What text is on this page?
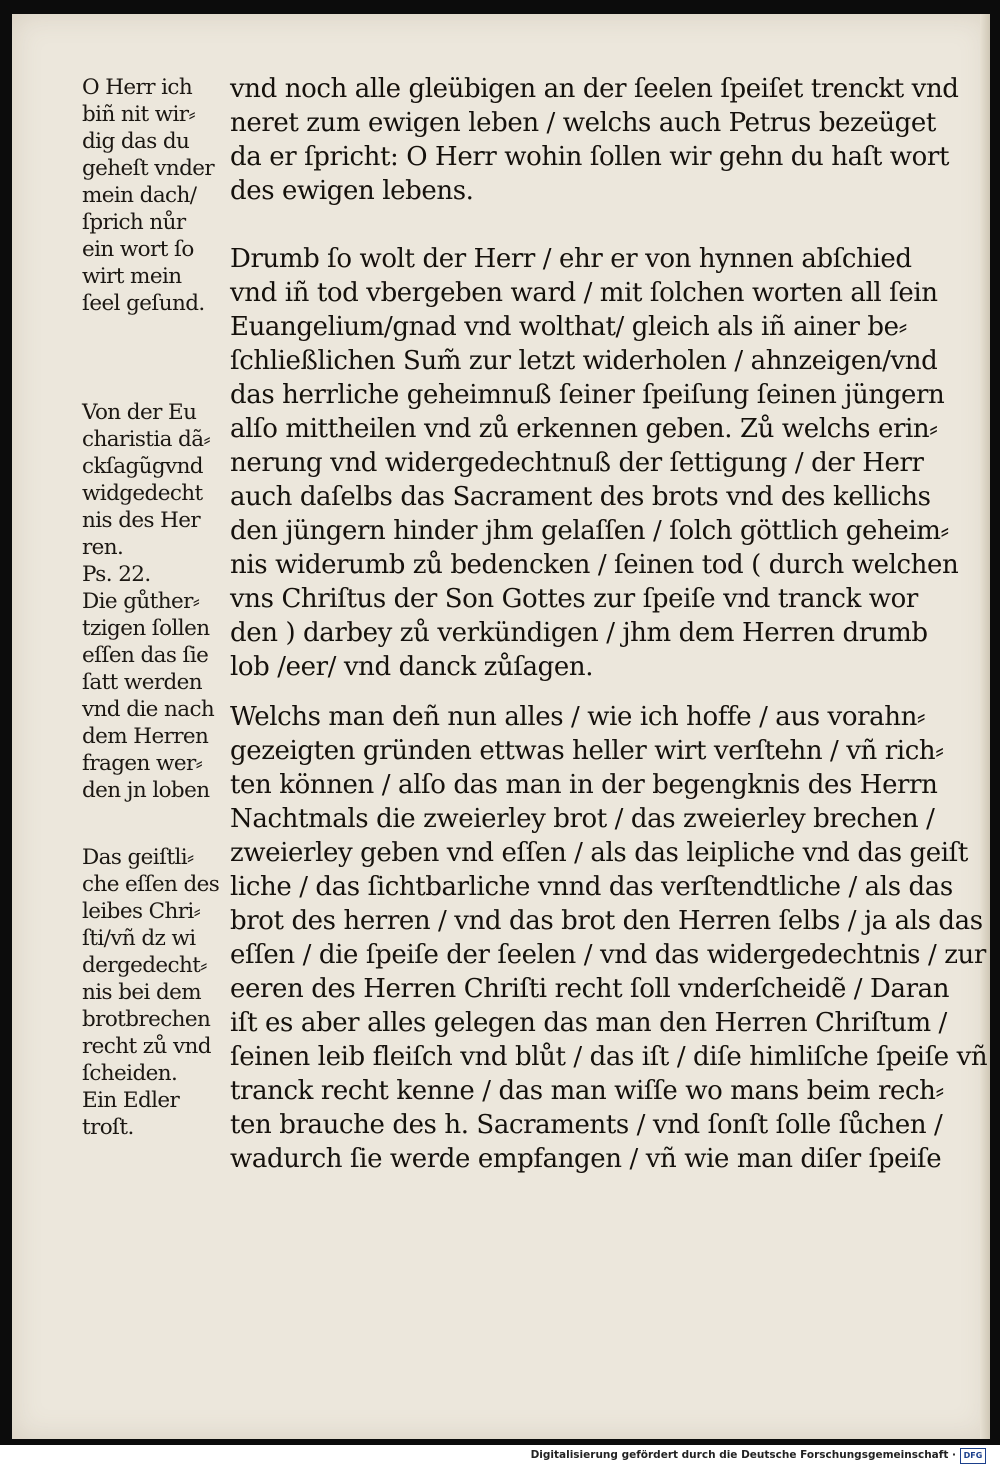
O Herr ich
biñ nit wir⸗
dig das du
geheſt vnder
mein dach/
ſprich nůr
ein wort ſo
wirt mein
ſeel geſund.
Von der Eu
charistia dã⸗
ckſagũgvnd
widgedecht
nis des Her
ren.
Ps. 22.
Die gůther⸗
tzigen ſollen
eſſen das ſie
ſatt werden
vnd die nach
dem Herren
fragen wer⸗
den jn loben
Das geiſtli⸗
che eſſen des
leibes Chri⸗
ſti/vñ dz wi
dergedecht⸗
nis bei dem
brotbrechen
recht zů vnd
ſcheiden.
Ein Edler
troſt.
vnd noch alle gleübigen an der ſeelen ſpeiſet trenckt vnd
neret zum ewigen leben / welchs auch Petrus bezeüget
da er ſpricht: O Herr wohin ſollen wir gehn du haſt wort
des ewigen lebens.
Drumb ſo wolt der Herr / ehr er von hynnen abſchied
vnd iñ tod vbergeben ward / mit ſolchen worten all ſein
Euangelium/gnad vnd wolthat/ gleich als iñ ainer be⸗
ſchließlichen Sum̃ zur letzt widerholen / ahnzeigen/vnd
das herrliche geheimnuß ſeiner ſpeiſung ſeinen jüngern
alſo mittheilen vnd zů erkennen geben. Zů welchs erin⸗
nerung vnd widergedechtnuß der ſettigung / der Herr
auch daſelbs das Sacrament des brots vnd des kellichs
den jüngern hinder jhm gelaſſen / ſolch göttlich geheim⸗
nis widerumb zů bedencken / ſeinen tod ( durch welchen
vns Chriſtus der Son Gottes zur ſpeiſe vnd tranck wor
den ) darbey zů verkündigen / jhm dem Herren drumb
lob /eer/ vnd danck zůſagen.
Welchs man deñ nun alles / wie ich hoffe / aus vorahn⸗
gezeigten gründen ettwas heller wirt verſtehn / vñ rich⸗
ten können / alſo das man in der begengknis des Herrn
Nachtmals die zweierley brot / das zweierley brechen /
zweierley geben vnd eſſen / als das leipliche vnd das geiſt
liche / das ſichtbarliche vnnd das verſtendtliche / als das
brot des herren / vnd das brot den Herren ſelbs / ja als das
eſſen / die ſpeiſe der ſeelen / vnd das widergedechtnis / zur
eeren des Herren Chriſti recht ſoll vnderſcheidẽ / Daran
iſt es aber alles gelegen das man den Herren Chriſtum /
ſeinen leib fleiſch vnd blůt / das iſt / diſe himliſche ſpeiſe vñ
tranck recht kenne / das man wiſſe wo mans beim rech⸗
ten brauche des h. Sacraments / vnd ſonſt ſolle ſůchen /
wadurch ſie werde empfangen / vñ wie man diſer ſpeiſe
Digitalisierung gefördert durch die Deutsche Forschungsgemeinschaft · DFG
